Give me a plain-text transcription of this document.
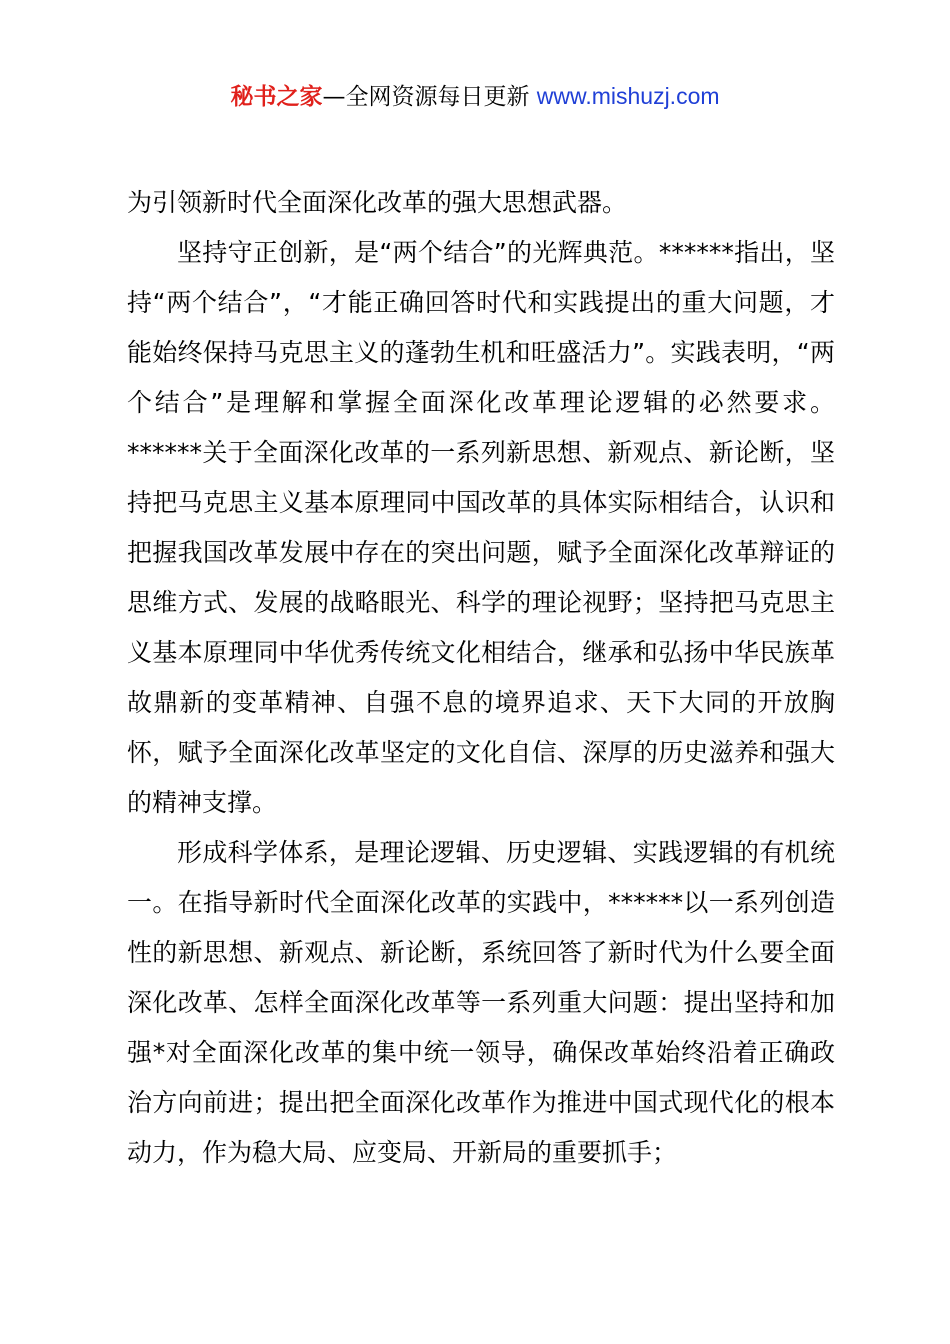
秘书之家—全网资源每日更新 www.mishuzj.com

为引领新时代全面深化改革的强大思想武器。

坚持守正创新，是“两个结合”的光辉典范。******指出，坚持“两个结合”，“才能正确回答时代和实践提出的重大问题，才能始终保持马克思主义的蓬勃生机和旺盛活力”。实践表明，“两个结合”是理解和掌握全面深化改革理论逻辑的必然要求。******关于全面深化改革的一系列新思想、新观点、新论断，坚持把马克思主义基本原理同中国改革的具体实际相结合，认识和把握我国改革发展中存在的突出问题，赋予全面深化改革辩证的思维方式、发展的战略眼光、科学的理论视野；坚持把马克思主义基本原理同中华优秀传统文化相结合，继承和弘扬中华民族革故鼎新的变革精神、自强不息的境界追求、天下大同的开放胸怀，赋予全面深化改革坚定的文化自信、深厚的历史滋养和强大的精神支撑。

形成科学体系，是理论逻辑、历史逻辑、实践逻辑的有机统一。在指导新时代全面深化改革的实践中，******以一系列创造性的新思想、新观点、新论断，系统回答了新时代为什么要全面深化改革、怎样全面深化改革等一系列重大问题：提出坚持和加强*对全面深化改革的集中统一领导，确保改革始终沿着正确政治方向前进；提出把全面深化改革作为推进中国式现代化的根本动力，作为稳大局、应变局、开新局的重要抓手；
